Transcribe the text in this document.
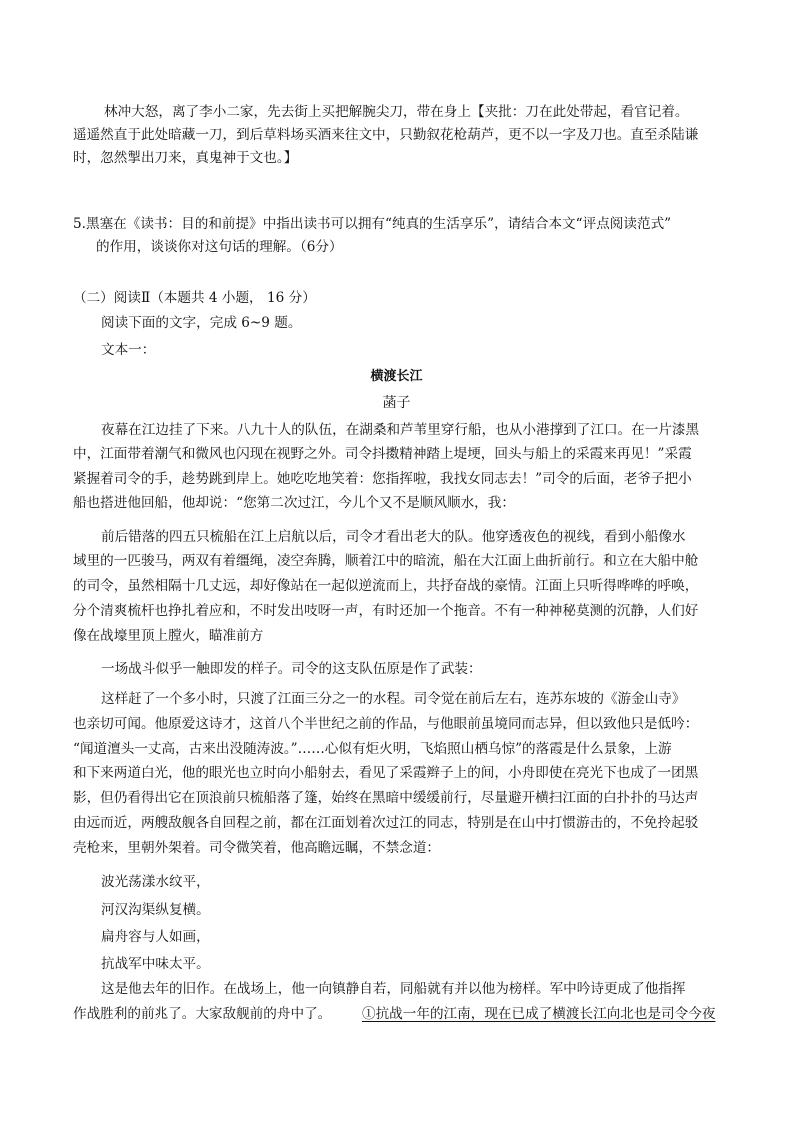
林冲大怒，离了李小二家，先去街上买把解腕尖刀，带在身上【夹批：刀在此处带起，看官记着。
遥遥然直于此处暗藏一刀，到后草料场买酒来往文中，只勤叙花枪葫芦，更不以一字及刀也。直至杀陆谦
时，忽然掣出刀来，真鬼神于文也。】
5.黑塞在《读书：目的和前提》中指出读书可以拥有“纯真的生活享乐”，请结合本文“评点阅读范式”
的作用，谈谈你对这句话的理解。（6分）
（二）阅读Ⅱ（本题共 4 小题， 16 分）
阅读下面的文字，完成 6~9 题。
文本一：
横渡长江
菡子
夜幕在江边挂了下来。八九十人的队伍，在湖桑和芦苇里穿行船，也从小港撑到了江口。在一片漆黑
中，江面带着潮气和微风也闪现在视野之外。司令抖擞精神踏上堤埂，回头与船上的采霞来再见！”采霞
紧握着司令的手，趁势跳到岸上。她吃吃地笑着：您指挥啦，我找女同志去！”司令的后面，老爷子把小
船也搭进他回船，他却说：“您第二次过江，今儿个又不是顺风顺水，我：
前后错落的四五只梳船在江上启航以后，司令才看出老大的队。他穿透夜色的视线，看到小船像水
域里的一匹骏马，两双有着缰绳，凌空奔腾，顺着江中的暗流，船在大江面上曲折前行。和立在大船中舱
的司令，虽然相隔十几丈远，却好像站在一起似逆流而上，共抒奋战的豪情。江面上只听得哗哗的呼唤，
分个清爽梳杆也挣扎着应和，不时发出吱呀一声，有时还加一个拖音。不有一种神秘莫测的沉静，人们好
像在战壕里顶上膛火，瞄准前方
一场战斗似乎一触即发的样子。司令的这支队伍原是作了武装：
这样赶了一个多小时，只渡了江面三分之一的水程。司令觉在前后左右，连苏东坡的《游金山寺》
也亲切可闻。他原爱这诗才，这首八个半世纪之前的作品，与他眼前虽境同而志异，但以致他只是低吟：
“闻道澶头一丈高，古来出没随涛波。”……心似有炬火明，飞焰照山栖乌惊”的落霞是什么景象，上游
和下来两道白光，他的眼光也立时向小船射去，看见了采霞辫子上的间，小舟即使在亮光下也成了一团黑
影，但仍看得出它在顶浪前只梳船落了篷，始终在黑暗中缓缓前行，尽量避开横扫江面的白扑扑的马达声
由远而近，两艘敌舰各自回程之前，都在江面划着次过江的同志，特别是在山中打惯游击的，不免拎起驳
壳枪来，里朝外架着。司令微笑着，他高瞻远瞩，不禁念道：
波光荡漾水纹平，
河汉沟渠纵复横。
扁舟容与人如画，
抗战军中味太平。
这是他去年的旧作。在战场上，他一向镇静自若，同船就有并以他为榜样。军中吟诗更成了他指挥
作战胜利的前兆了。大家敌舰前的舟中了。	①抗战一年的江南，现在已成了横渡长江向北也是司令今夜
